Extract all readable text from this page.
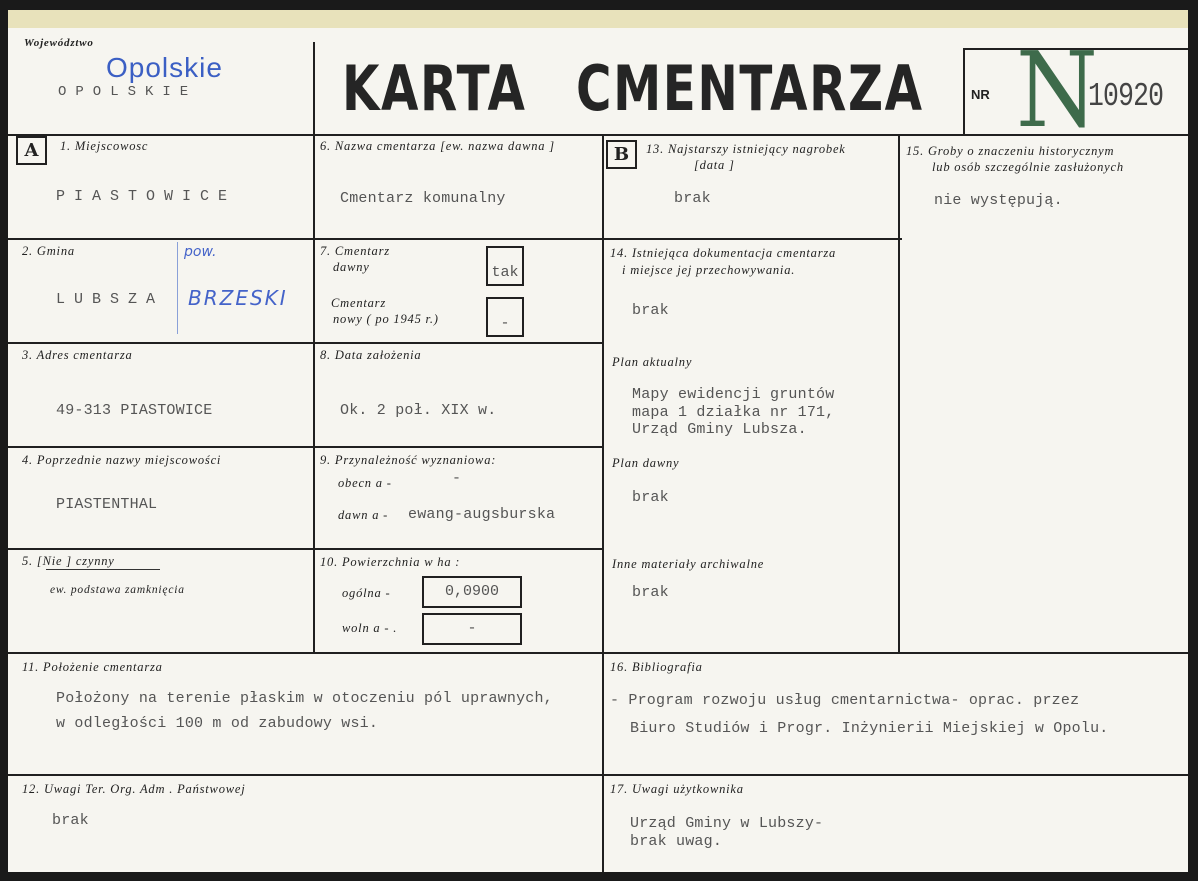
Województwo
Opolskie
OPOLSKIE KARTA CMENTARZA	NR N
10920
A	1. Miejscowosc
PIASTOWICE
2. Gmina
LUBSZA
pow.
BRZESKI
3. Adres cmentarza
49-313 PIASTOWICE
4. Poprzednie nazwy miejscowości
PIASTENTHAL
5. [Nie ] czynny
ew. podstawa zamknięcia
6. Nazwa cmentarza [ew. nazwa dawna ]
Cmentarz komunalny
7. Cmentarz
dawny	tak
Cmentarz
nowy ( po 1945 r.)	-
8. Data założenia
Ok. 2 poł. XIX w.
9. Przynależność wyznaniowa:
obecn a -	-
dawn a - ewang-augsburska
10. Powierzchnia w ha :
ogólna -	0,0900
woln a - .	-
B	13. Najstarszy istniejący nagrobek
[data ]
brak
14. Istniejąca dokumentacja cmentarza
i miejsce jej przechowywania.
brak
Plan aktualny
Mapy ewidencji gruntów
mapa 1 działka nr 171,
Urząd Gminy Lubsza.
Plan dawny
brak
Inne materiały archiwalne
brak
15. Groby o znaczeniu historycznym
lub osób szczególnie zasłużonych
nie występują.
11. Położenie cmentarza
Położony na terenie płaskim w otoczeniu pól uprawnych,
w odległości 100 m od zabudowy wsi.
16. Bibliografia
- Program rozwoju usług cmentarnictwa- oprac. przez
Biuro Studiów i Progr. Inżynierii Miejskiej w Opolu.
12. Uwagi Ter. Org. Adm . Państwowej
brak
17. Uwagi użytkownika
Urząd Gminy w Lubszy-
brak uwag.
